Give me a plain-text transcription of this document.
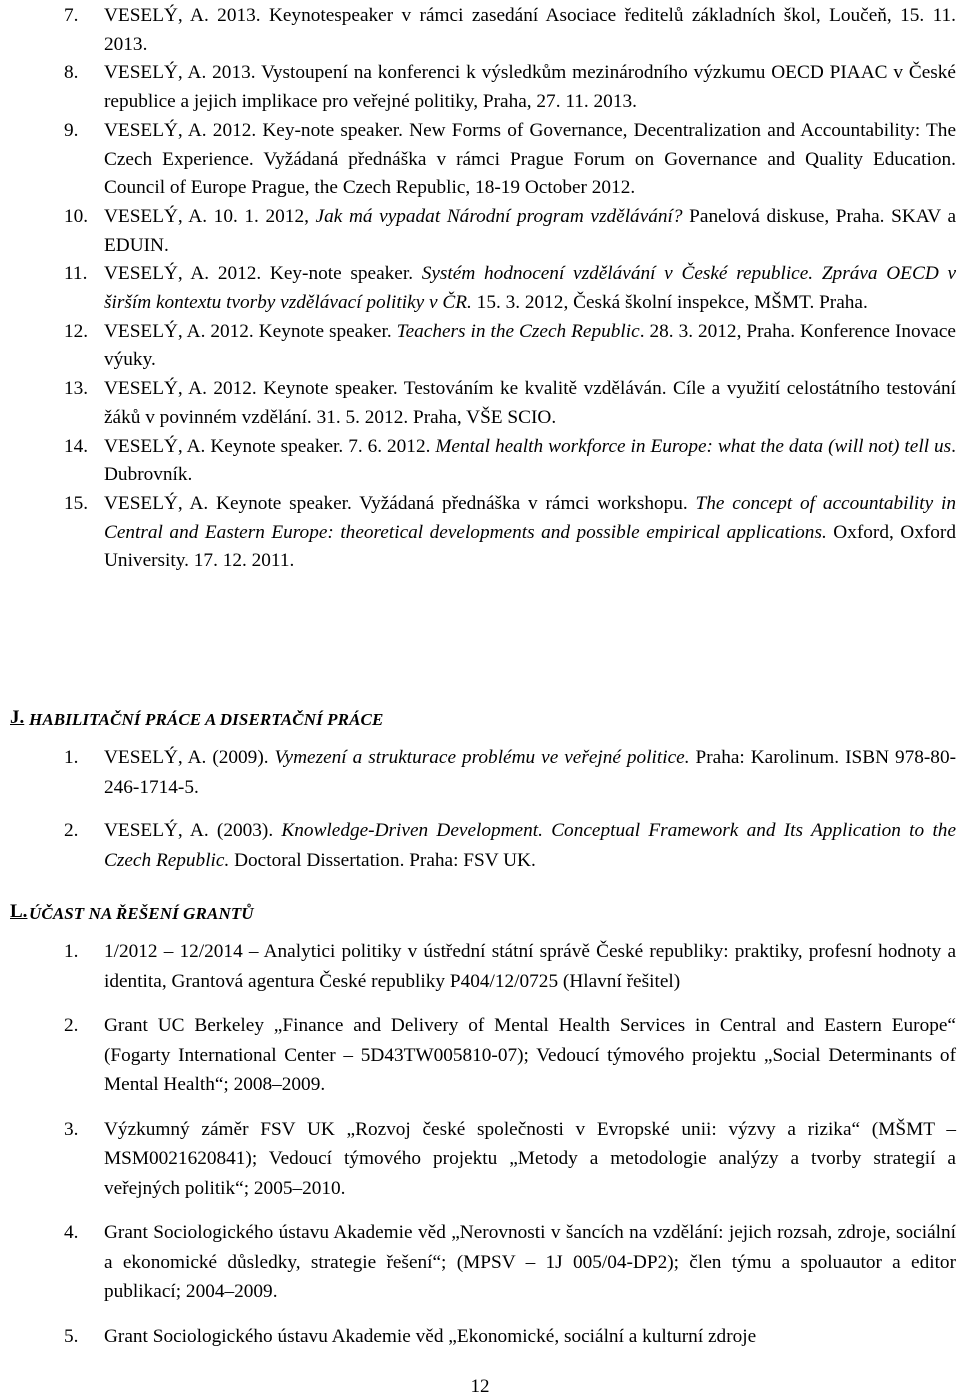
7. VESELÝ, A. 2013. Keynotespeaker v rámci zasedání Asociace ředitelů základních škol, Loučeň, 15. 11. 2013.
8. VESELÝ, A. 2013. Vystoupení na konferenci k výsledkům mezinárodního výzkumu OECD PIAAC v České republice a jejich implikace pro veřejné politiky, Praha, 27. 11. 2013.
9. VESELÝ, A. 2012. Key-note speaker. New Forms of Governance, Decentralization and Accountability: The Czech Experience. Vyžádaná přednáška v rámci Prague Forum on Governance and Quality Education. Council of Europe Prague, the Czech Republic, 18-19 October 2012.
10. VESELÝ, A. 10. 1. 2012, Jak má vypadat Národní program vzdělávání? Panelová diskuse, Praha. SKAV a EDUIN.
11. VESELÝ, A. 2012. Key-note speaker. Systém hodnocení vzdělávání v České republice. Zpráva OECD v širším kontextu tvorby vzdělávací politiky v ČR. 15. 3. 2012, Česká školní inspekce, MŠMT. Praha.
12. VESELÝ, A. 2012. Keynote speaker. Teachers in the Czech Republic. 28. 3. 2012, Praha. Konference Inovace výuky.
13. VESELÝ, A. 2012. Keynote speaker. Testováním ke kvalitě vzděláván. Cíle a využití celostátního testování žáků v povinném vzdělání. 31. 5. 2012. Praha, VŠE SCIO.
14. VESELÝ, A. Keynote speaker. 7. 6. 2012. Mental health workforce in Europe: what the data (will not) tell us. Dubrovník.
15. VESELÝ, A. Keynote speaker. Vyžádaná přednáška v rámci workshopu. The concept of accountability in Central and Eastern Europe: theoretical developments and possible empirical applications. Oxford, Oxford University. 17. 12. 2011.
J. HABILITAČNÍ PRÁCE A DISERTAČNÍ PRÁCE
1. VESELÝ, A. (2009). Vymezení a strukturace problému ve veřejné politice. Praha: Karolinum. ISBN 978-80-246-1714-5.
2. VESELÝ, A. (2003). Knowledge-Driven Development. Conceptual Framework and Its Application to the Czech Republic. Doctoral Dissertation. Praha: FSV UK.
L. ÚČAST NA ŘEŠENÍ GRANTŮ
1. 1/2012 – 12/2014 – Analytici politiky v ústřední státní správě České republiky: praktiky, profesní hodnoty a identita, Grantová agentura České republiky P404/12/0725 (Hlavní řešitel)
2. Grant UC Berkeley „Finance and Delivery of Mental Health Services in Central and Eastern Europe“ (Fogarty International Center – 5D43TW005810-07); Vedoucí týmového projektu „Social Determinants of Mental Health“; 2008–2009.
3. Výzkumný záměr FSV UK „Rozvoj české společnosti v Evropské unii: výzvy a rizika“ (MŠMT – MSM0021620841); Vedoucí týmového projektu „Metody a metodologie analýzy a tvorby strategií a veřejných politik“; 2005–2010.
4. Grant Sociologického ústavu Akademie věd „Nerovnosti v šancích na vzdělání: jejich rozsah, zdroje, sociální a ekonomické důsledky, strategie řešení“; (MPSV – 1J 005/04-DP2); člen týmu a spoluautor a editor publikací; 2004–2009.
5. Grant Sociologického ústavu Akademie věd „Ekonomické, sociální a kulturní zdroje
12
